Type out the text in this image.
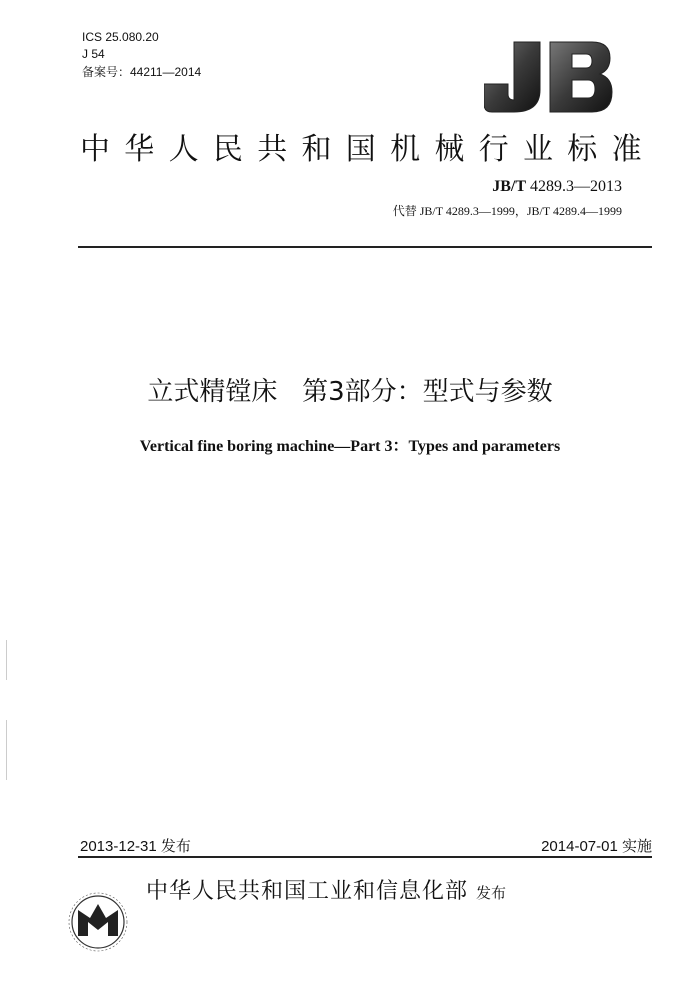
ICS 25.080.20
J 54
备案号：44211—2014
中华人民共和国机械行业标准
JB/T 4289.3—2013
代替 JB/T 4289.3—1999，JB/T 4289.4—1999
立式精镗床   第3部分：型式与参数
Vertical fine boring machine—Part 3：Types and parameters
2013-12-31 发布	2014-07-01 实施
中华人民共和国工业和信息化部 发布
